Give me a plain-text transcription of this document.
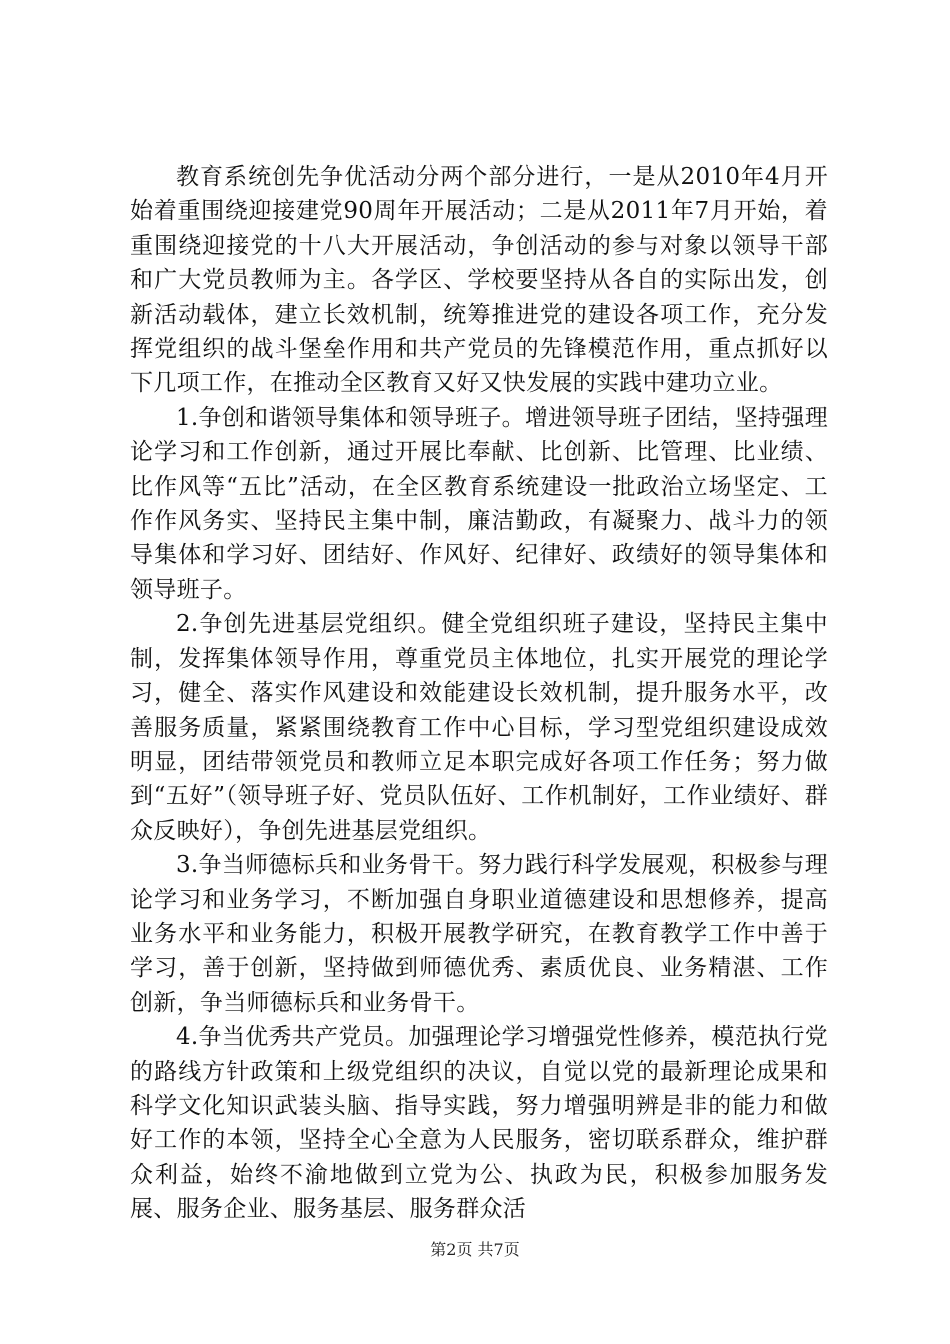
教育系统创先争优活动分两个部分进行，一是从2010年4月开始着重围绕迎接建党90周年开展活动；二是从2011年7月开始，着重围绕迎接党的十八大开展活动，争创活动的参与对象以领导干部和广大党员教师为主。各学区、学校要坚持从各自的实际出发，创新活动载体，建立长效机制，统筹推进党的建设各项工作，充分发挥党组织的战斗堡垒作用和共产党员的先锋模范作用，重点抓好以下几项工作，在推动全区教育又好又快发展的实践中建功立业。

1.争创和谐领导集体和领导班子。增进领导班子团结，坚持强理论学习和工作创新，通过开展比奉献、比创新、比管理、比业绩、比作风等“五比”活动，在全区教育系统建设一批政治立场坚定、工作作风务实、坚持民主集中制，廉洁勤政，有凝聚力、战斗力的领导集体和学习好、团结好、作风好、纪律好、政绩好的领导集体和领导班子。

2.争创先进基层党组织。健全党组织班子建设，坚持民主集中制，发挥集体领导作用，尊重党员主体地位，扎实开展党的理论学习，健全、落实作风建设和效能建设长效机制，提升服务水平，改善服务质量，紧紧围绕教育工作中心目标，学习型党组织建设成效明显，团结带领党员和教师立足本职完成好各项工作任务；努力做到“五好”（领导班子好、党员队伍好、工作机制好，工作业绩好、群众反映好），争创先进基层党组织。

3.争当师德标兵和业务骨干。努力践行科学发展观，积极参与理论学习和业务学习，不断加强自身职业道德建设和思想修养，提高业务水平和业务能力，积极开展教学研究，在教育教学工作中善于学习，善于创新，坚持做到师德优秀、素质优良、业务精湛、工作创新，争当师德标兵和业务骨干。

4.争当优秀共产党员。加强理论学习增强党性修养，模范执行党的路线方针政策和上级党组织的决议，自觉以党的最新理论成果和科学文化知识武装头脑、指导实践，努力增强明辨是非的能力和做好工作的本领，坚持全心全意为人民服务，密切联系群众，维护群众利益，始终不渝地做到立党为公、执政为民，积极参加服务发展、服务企业、服务基层、服务群众活

第2页 共7页
